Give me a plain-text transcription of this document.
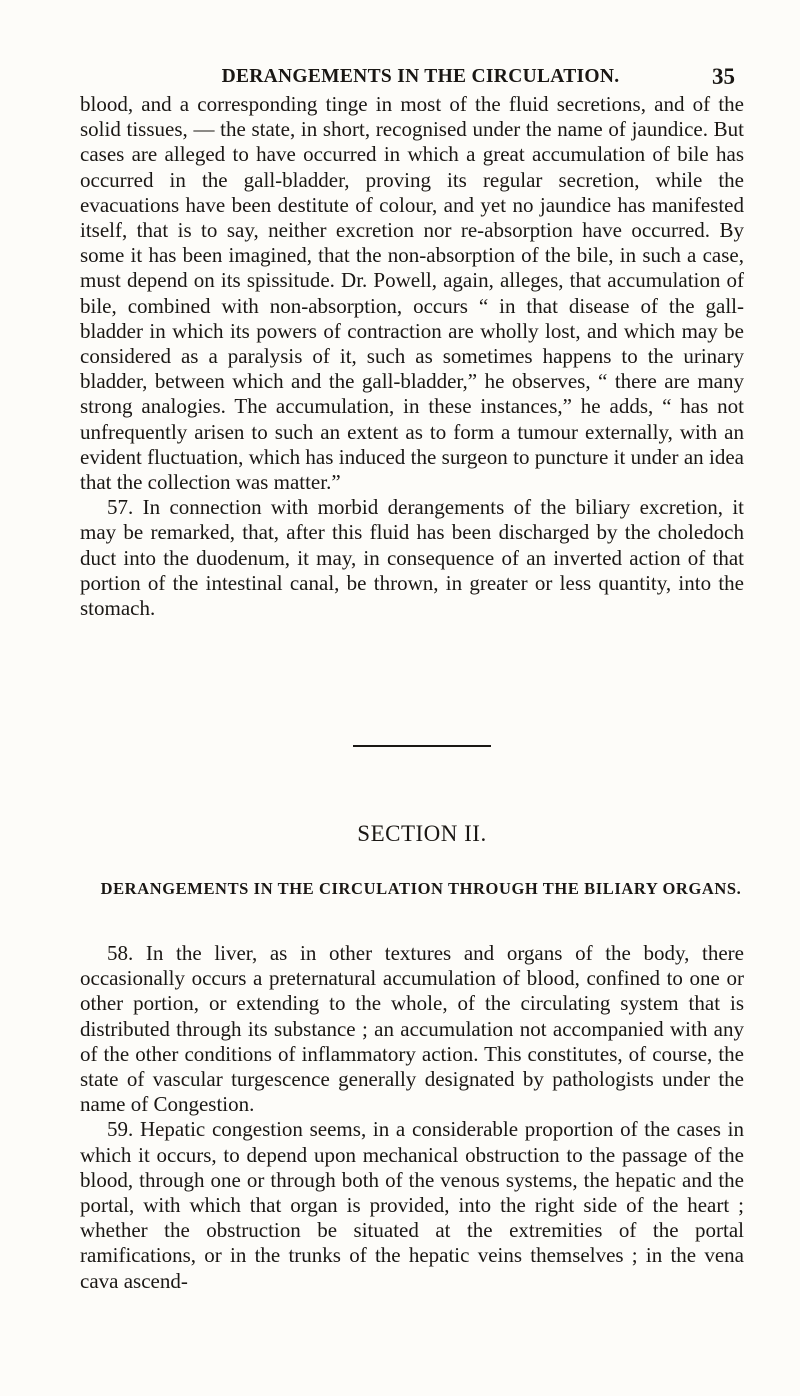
DERANGEMENTS IN THE CIRCULATION.	35

blood, and a corresponding tinge in most of the fluid secretions, and of the solid tissues, — the state, in short, recognised under the name of jaundice. But cases are alleged to have occurred in which a great accumulation of bile has occurred in the gall-bladder, proving its regular secretion, while the evacuations have been destitute of colour, and yet no jaundice has manifested itself, that is to say, neither excretion nor re-absorption have occurred. By some it has been imagined, that the non-absorption of the bile, in such a case, must depend on its spissitude. Dr. Powell, again, alleges, that accumulation of bile, combined with non-absorption, occurs “ in that disease of the gall-bladder in which its powers of contraction are wholly lost, and which may be considered as a paralysis of it, such as sometimes happens to the urinary bladder, between which and the gall-bladder,” he observes, “ there are many strong analogies. The accumulation, in these instances,” he adds, “ has not unfrequently arisen to such an extent as to form a tumour externally, with an evident fluctuation, which has induced the surgeon to puncture it under an idea that the collection was matter.”

57. In connection with morbid derangements of the biliary excretion, it may be remarked, that, after this fluid has been discharged by the choledoch duct into the duodenum, it may, in consequence of an inverted action of that portion of the intestinal canal, be thrown, in greater or less quantity, into the stomach.

SECTION II.
DERANGEMENTS IN THE CIRCULATION THROUGH THE BILIARY ORGANS.

58. In the liver, as in other textures and organs of the body, there occasionally occurs a preternatural accumulation of blood, confined to one or other portion, or extending to the whole, of the circulating system that is distributed through its substance ; an accumulation not accompanied with any of the other conditions of inflammatory action. This constitutes, of course, the state of vascular turgescence generally designated by pathologists under the name of Congestion.

59. Hepatic congestion seems, in a considerable proportion of the cases in which it occurs, to depend upon mechanical obstruction to the passage of the blood, through one or through both of the venous systems, the hepatic and the portal, with which that organ is provided, into the right side of the heart ; whether the obstruction be situated at the extremities of the portal ramifications, or in the trunks of the hepatic veins themselves ; in the vena cava ascend-
